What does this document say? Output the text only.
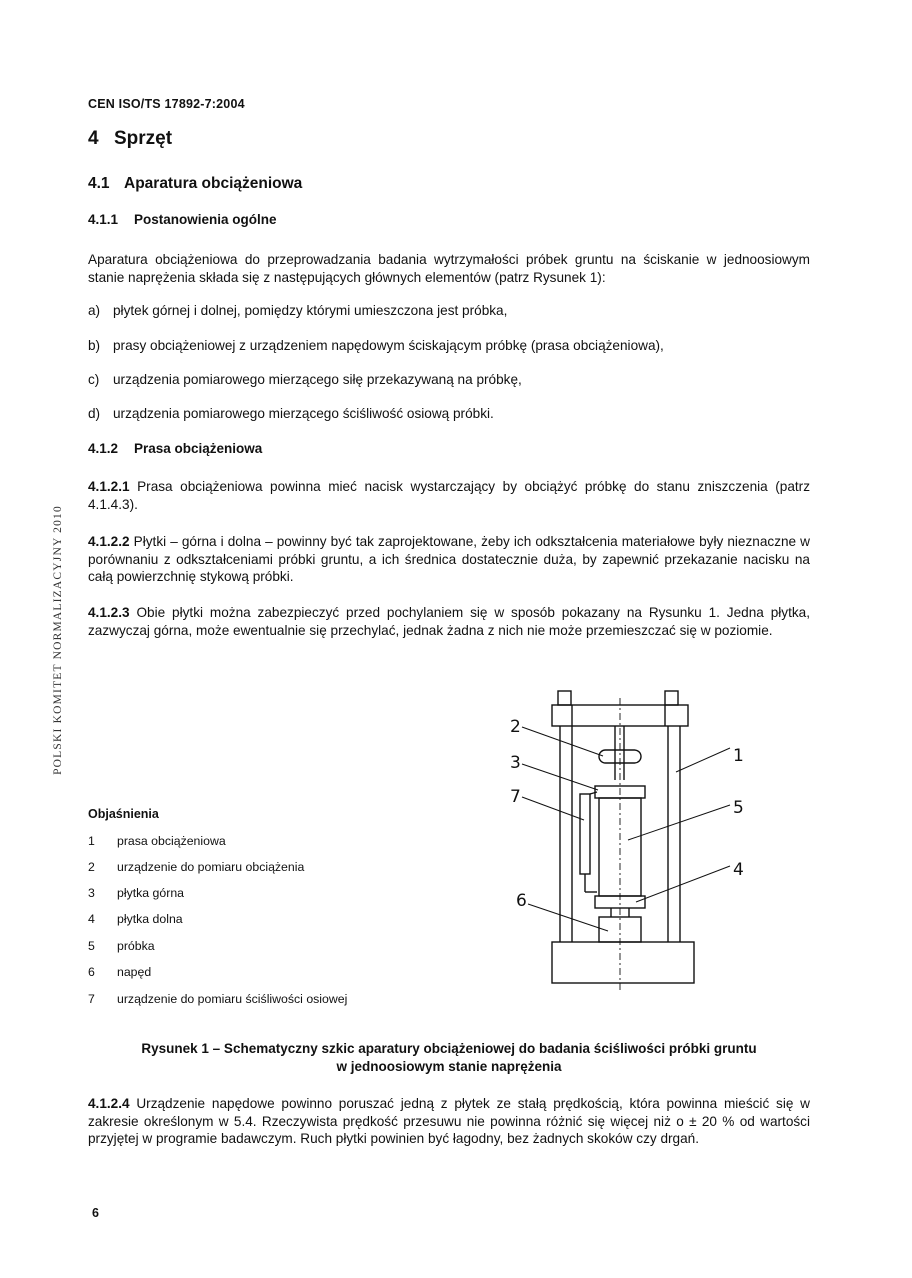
CEN ISO/TS 17892-7:2004
POLSKI KOMITET NORMALIZACYJNY 2010
4 Sprzęt
4.1 Aparatura obciążeniowa
4.1.1 Postanowienia ogólne
Aparatura obciążeniowa do przeprowadzania badania wytrzymałości próbek gruntu na ściskanie w jednoosiowym stanie naprężenia składa się z następujących głównych elementów (patrz Rysunek 1):
a) płytek górnej i dolnej, pomiędzy którymi umieszczona jest próbka,
b) prasy obciążeniowej z urządzeniem napędowym ściskającym próbkę (prasa obciążeniowa),
c) urządzenia pomiarowego mierzącego siłę przekazywaną na próbkę,
d) urządzenia pomiarowego mierzącego ściśliwość osiową próbki.
4.1.2 Prasa obciążeniowa
4.1.2.1 Prasa obciążeniowa powinna mieć nacisk wystarczający by obciążyć próbkę do stanu zniszczenia (patrz 4.1.4.3).
4.1.2.2 Płytki – górna i dolna – powinny być tak zaprojektowane, żeby ich odkształcenia materiałowe były nieznaczne w porównaniu z odkształceniami próbki gruntu, a ich średnica dostatecznie duża, by zapewnić przekazanie nacisku na całą powierzchnię stykową próbki.
4.1.2.3 Obie płytki można zabezpieczyć przed pochylaniem się w sposób pokazany na Rysunku 1. Jedna płytka, zazwyczaj górna, może ewentualnie się przechylać, jednak żadna z nich nie może przemieszczać się w poziomie.
2
3
7
6
1
5
4
Objaśnienia
1 prasa obciążeniowa
2 urządzenie do pomiaru obciążenia
3 płytka górna
4 płytka dolna
5 próbka
6 napęd
7 urządzenie do pomiaru ściśliwości osiowej
Rysunek 1 – Schematyczny szkic aparatury obciążeniowej do badania ściśliwości próbki gruntu
w jednoosiowym stanie naprężenia
4.1.2.4 Urządzenie napędowe powinno poruszać jedną z płytek ze stałą prędkością, która powinna mieścić się w zakresie określonym w 5.4. Rzeczywista prędkość przesuwu nie powinna różnić się więcej niż o ± 20 % od wartości przyjętej w programie badawczym. Ruch płytki powinien być łagodny, bez żadnych skoków czy drgań.
6
